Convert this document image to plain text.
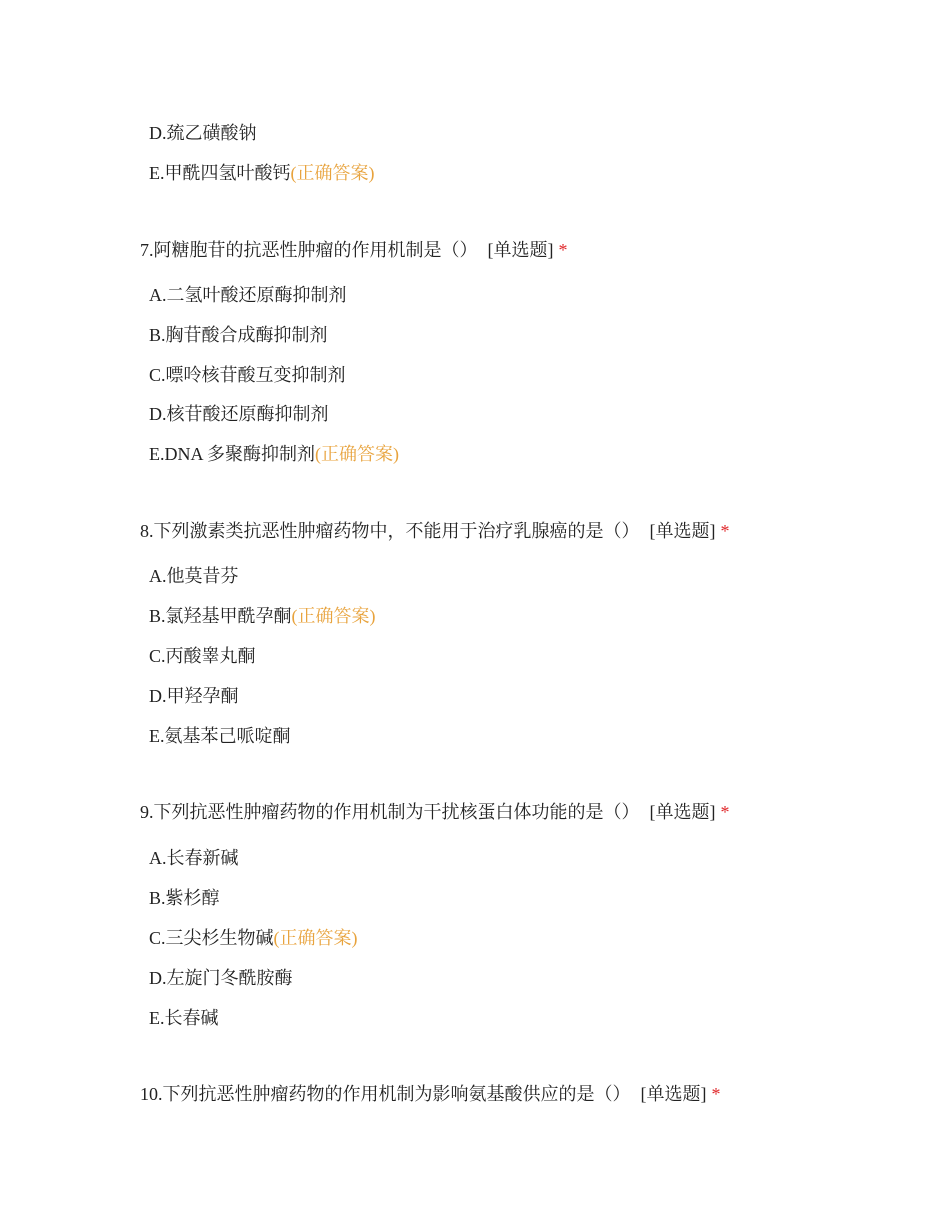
D.巯乙磺酸钠
E.甲酰四氢叶酸钙(正确答案)
7.阿糖胞苷的抗恶性肿瘤的作用机制是（） [单选题] *
A.二氢叶酸还原酶抑制剂
B.胸苷酸合成酶抑制剂
C.嘌呤核苷酸互变抑制剂
D.核苷酸还原酶抑制剂
E.DNA 多聚酶抑制剂(正确答案)
8.下列激素类抗恶性肿瘤药物中，不能用于治疗乳腺癌的是（） [单选题] *
A.他莫昔芬
B.氯羟基甲酰孕酮(正确答案)
C.丙酸睾丸酮
D.甲羟孕酮
E.氨基苯己哌啶酮
9.下列抗恶性肿瘤药物的作用机制为干扰核蛋白体功能的是（） [单选题] *
A.长春新碱
B.紫杉醇
C.三尖杉生物碱(正确答案)
D.左旋门冬酰胺酶
E.长春碱
10.下列抗恶性肿瘤药物的作用机制为影响氨基酸供应的是（） [单选题] *
